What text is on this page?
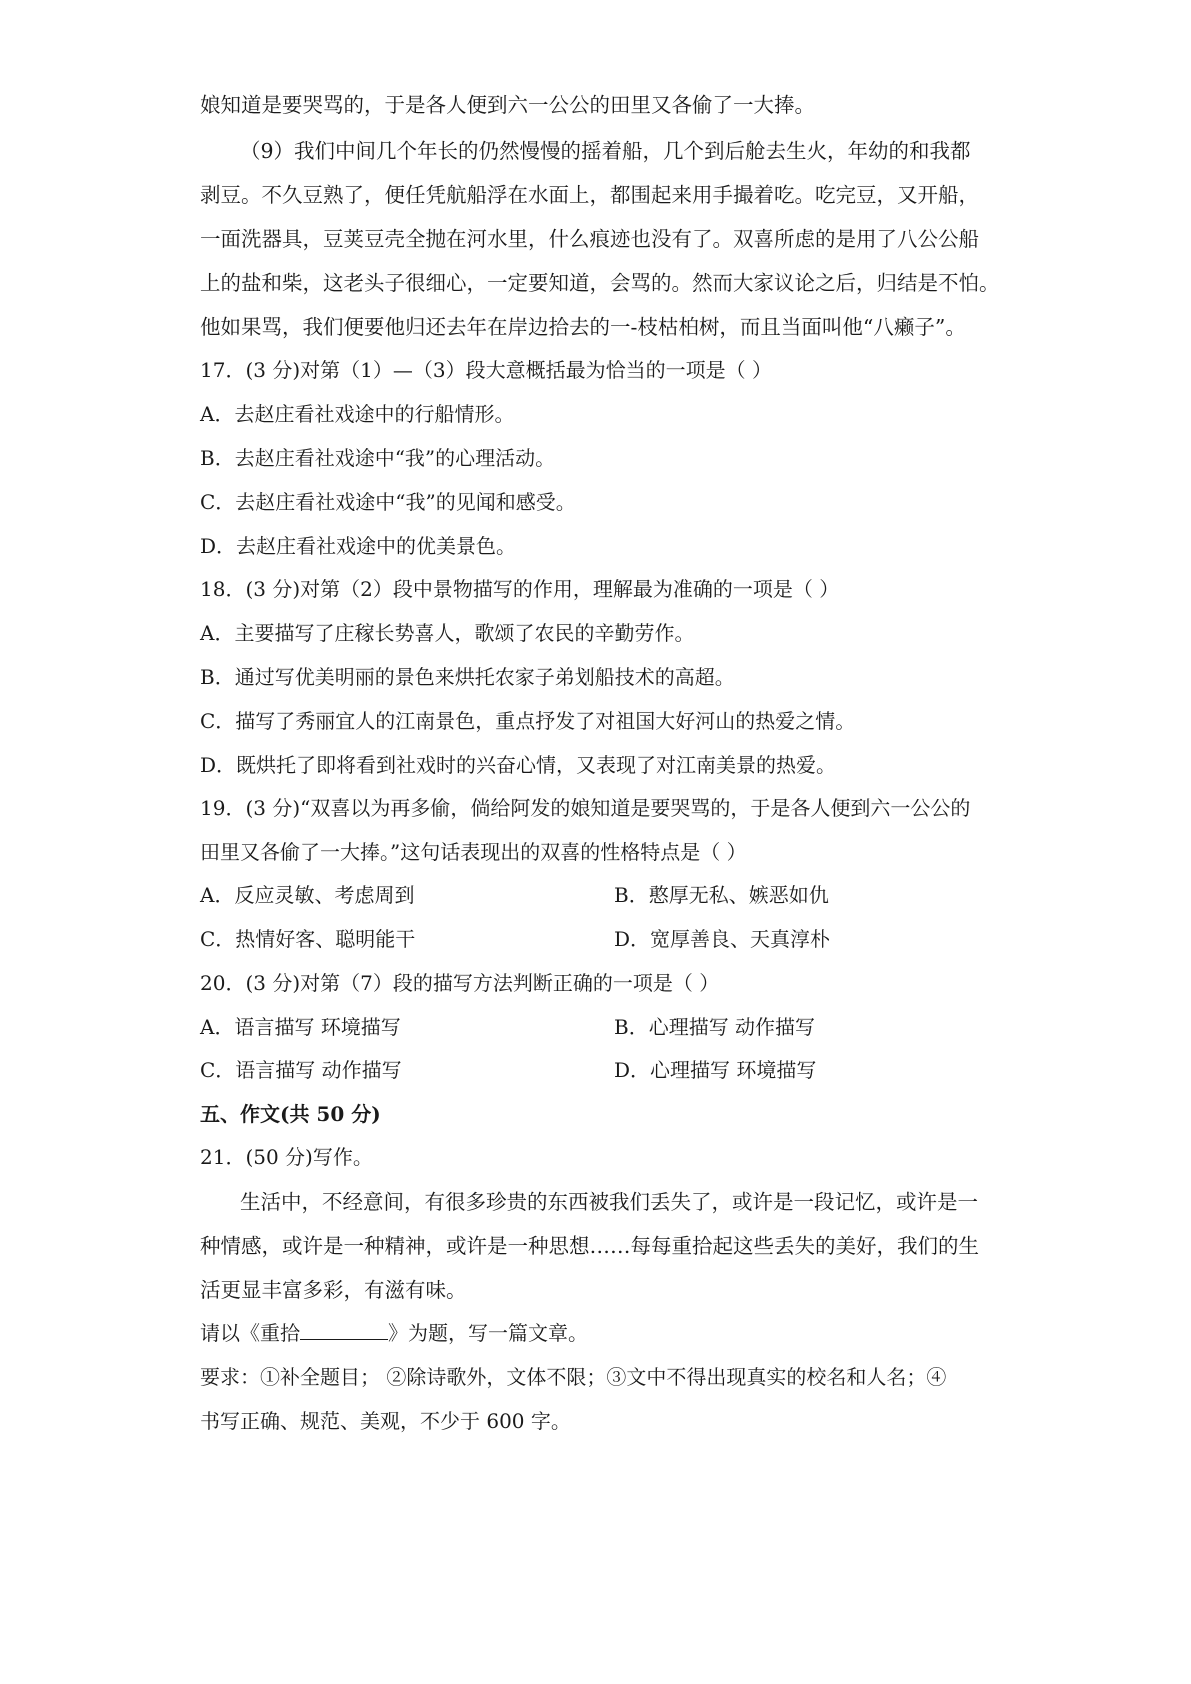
娘知道是要哭骂的，于是各人便到六一公公的田里又各偷了一大捧。
（9）我们中间几个年长的仍然慢慢的摇着船，几个到后舱去生火，年幼的和我都
剥豆。不久豆熟了，便任凭航船浮在水面上，都围起来用手撮着吃。吃完豆，又开船，
一面洗器具，豆荚豆壳全抛在河水里，什么痕迹也没有了。双喜所虑的是用了八公公船
上的盐和柴，这老头子很细心，一定要知道，会骂的。然而大家议论之后，归结是不怕。
他如果骂，我们便要他归还去年在岸边拾去的一-枝枯柏树，而且当面叫他“八癞子”。
17．(3 分)对第（1）—（3）段大意概括最为恰当的一项是（ ）
A．去赵庄看社戏途中的行船情形。
B．去赵庄看社戏途中“我”的心理活动。
C．去赵庄看社戏途中“我”的见闻和感受。
D．去赵庄看社戏途中的优美景色。
18．(3 分)对第（2）段中景物描写的作用，理解最为准确的一项是（ ）
A．主要描写了庄稼长势喜人，歌颂了农民的辛勤劳作。
B．通过写优美明丽的景色来烘托农家子弟划船技术的高超。
C．描写了秀丽宜人的江南景色，重点抒发了对祖国大好河山的热爱之情。
D．既烘托了即将看到社戏时的兴奋心情，又表现了对江南美景的热爱。
19．(3 分)“双喜以为再多偷，倘给阿发的娘知道是要哭骂的，于是各人便到六一公公的
田里又各偷了一大捧。”这句话表现出的双喜的性格特点是（ ）
A．反应灵敏、考虑周到	B．憨厚无私、嫉恶如仇
C．热情好客、聪明能干	D．宽厚善良、天真淳朴
20．(3 分)对第（7）段的描写方法判断正确的一项是（ ）
A．语言描写 环境描写	B．心理描写 动作描写
C．语言描写 动作描写	D．心理描写 环境描写
五、作文(共 50 分)
21．(50 分)写作。
生活中，不经意间，有很多珍贵的东西被我们丢失了，或许是一段记忆，或许是一
种情感，或许是一种精神，或许是一种思想……每每重拾起这些丢失的美好，我们的生
活更显丰富多彩，有滋有味。
请以《重拾	》为题，写一篇文章。
要求：①补全题目； ②除诗歌外，文体不限；③文中不得出现真实的校名和人名；④
书写正确、规范、美观，不少于 600 字。
